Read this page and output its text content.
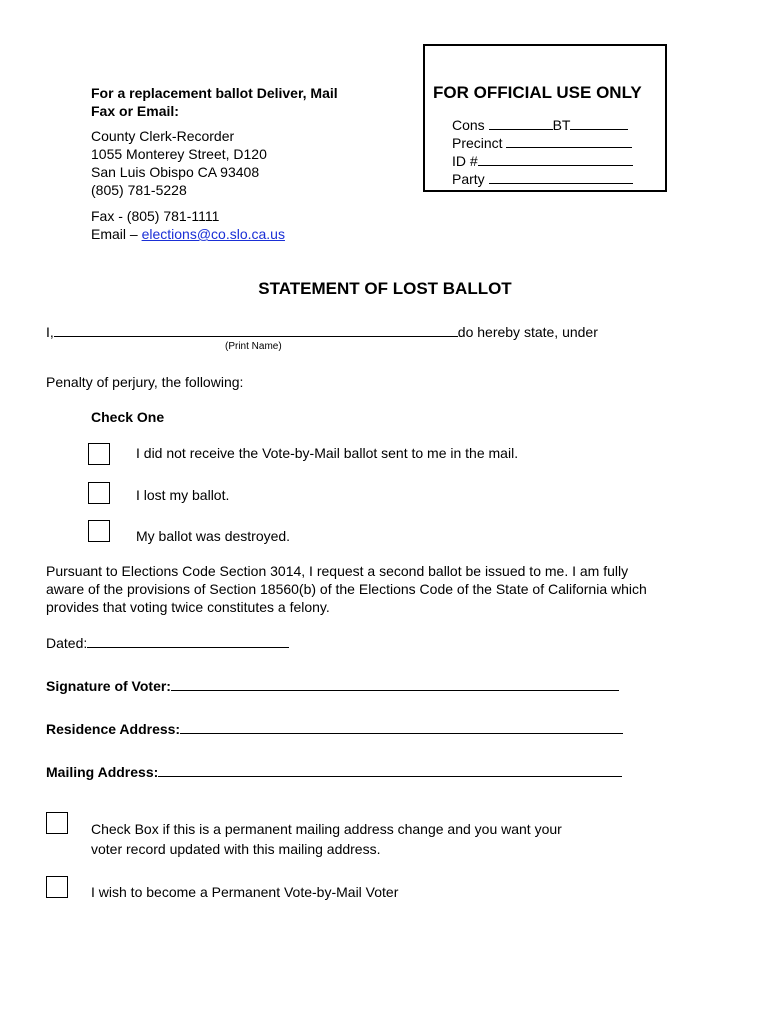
For a replacement ballot Deliver, Mail
Fax or Email:
County Clerk-Recorder
1055 Monterey Street, D120
San Luis Obispo CA 93408
(805) 781-5228
Fax - (805) 781-1111
Email – elections@co.slo.ca.us
FOR OFFICIAL USE ONLY
Cons	BT
Precinct
ID #
Party
STATEMENT OF LOST BALLOT
I,	do hereby state, under
(Print Name)
Penalty of perjury, the following:
Check One
I did not receive the Vote-by-Mail ballot sent to me in the mail.
I lost my ballot.
My ballot was destroyed.
Pursuant to Elections Code Section 3014, I request a second ballot be issued to me. I am fully
aware of the provisions of Section 18560(b) of the Elections Code of the State of California which
provides that voting twice constitutes a felony.
Dated:
Signature of Voter:
Residence Address:
Mailing Address:
Check Box if this is a permanent mailing address change and you want your
voter record updated with this mailing address.
I wish to become a Permanent Vote-by-Mail Voter
